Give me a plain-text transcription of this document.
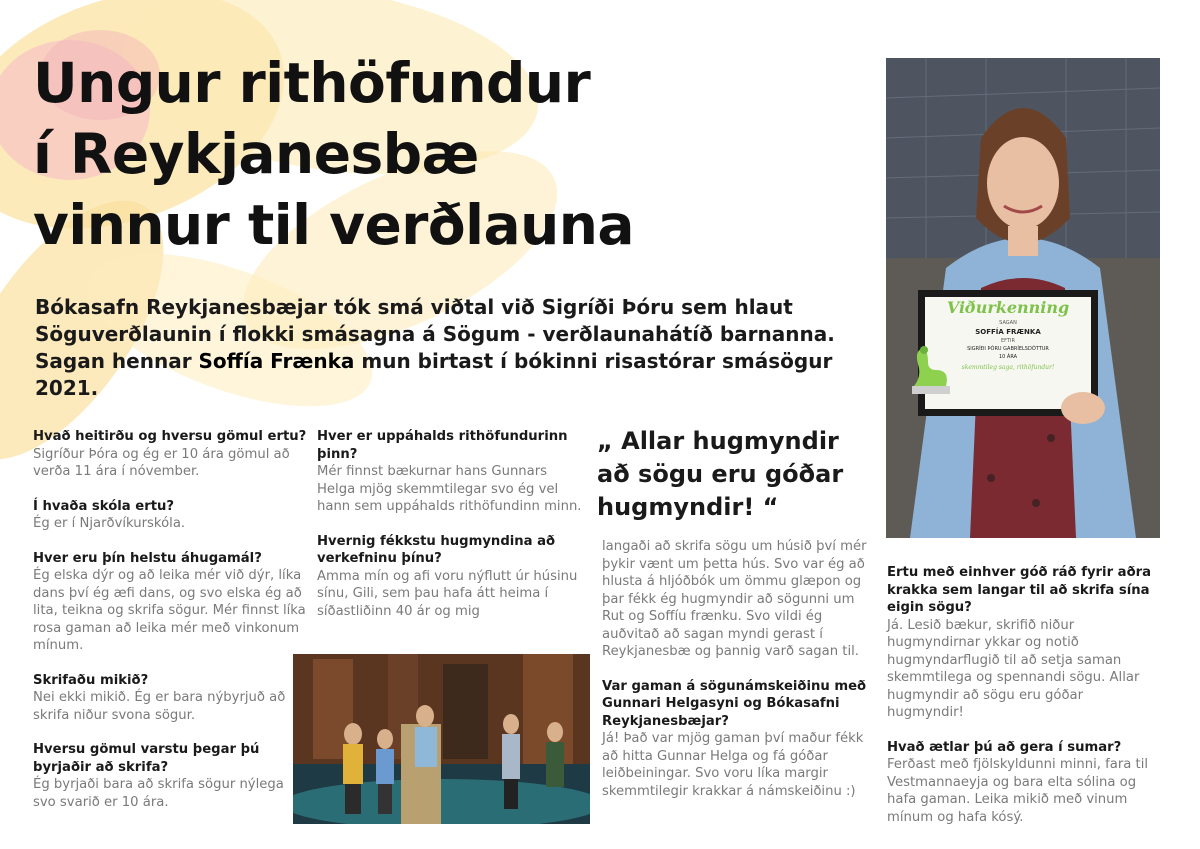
Ungur rithöfundur
í Reykjanesbæ
vinnur til verðlauna

Bókasafn Reykjanesbæjar tók smá viðtal við Sigríði Þóru sem hlaut Söguverðlaunin í flokki smásagna á Sögum - verðlaunahátíð barnanna. Sagan hennar Soffía Frænka mun birtast í bókinni risastórar smásögur 2021.

Hvað heitirðu og hversu gömul ertu?

Sigríður Þóra og ég er 10 ára gömul að verða 11 ára í nóvember.

Í hvaða skóla ertu?

Ég er í Njarðvíkurskóla.

Hver eru þín helstu áhugamál?

Ég elska dýr og að leika mér við dýr, líka dans því ég æfi dans, og svo elska ég að lita, teikna og skrifa sögur. Mér finnst líka rosa gaman að leika mér með vinkonum mínum.

Skrifaðu mikið?

Nei ekki mikið. Ég er bara nýbyrjuð að skrifa niður svona sögur.

Hversu gömul varstu þegar þú byrjaðir að skrifa?

Ég byrjaði bara að skrifa sögur nýlega svo svarið er 10 ára.

Hver er uppáhalds rithöfundurinn þinn?

Mér finnst bækurnar hans Gunnars Helga mjög skemmtilegar svo ég vel hann sem uppáhalds rithöfundinn minn.

Hvernig fékkstu hugmyndina að verkefninu þínu?

Amma mín og afi voru nýflutt úr húsinu sínu, Gili, sem þau hafa átt heima í síðastliðinn 40 ár og mig

„ Allar hugmyndir að sögu eru góðar hugmyndir! “

langaði að skrifa sögu um húsið því mér þykir vænt um þetta hús. Svo var ég að hlusta á hljóðbók um ömmu glæpon og þar fékk ég hugmyndir að sögunni um Rut og Soffíu frænku. Svo vildi ég auðvitað að sagan myndi gerast í Reykjanesbæ og þannig varð sagan til.

Var gaman á sögunámskeiðinu með Gunnari Helgasyni og Bókasafni Reykjanesbæjar?

Já! Það var mjög gaman því maður fékk að hitta Gunnar Helga og fá góðar leiðbeiningar. Svo voru líka margir skemmtilegir krakkar á námskeiðinu :)

Viðurkenning
SAGAN
SOFFÍA FRÆNKA
EFTIR
SIGRÍÐI ÞÓRU GABRÍELSDÓTTUR
10 ÁRA
skemmtileg saga, rithöfundur!

Ertu með einhver góð ráð fyrir aðra krakka sem langar til að skrifa sína eigin sögu?

Já. Lesið bækur, skrifið niður hugmyndirnar ykkar og notið hugmyndarflugið til að setja saman skemmtilega og spennandi sögu. Allar hugmyndir að sögu eru góðar hugmyndir!

Hvað ætlar þú að gera í sumar?

Ferðast með fjölskyldunni minni, fara til Vestmannaeyja og bara elta sólina og hafa gaman. Leika mikið með vinum mínum og hafa kósý.
